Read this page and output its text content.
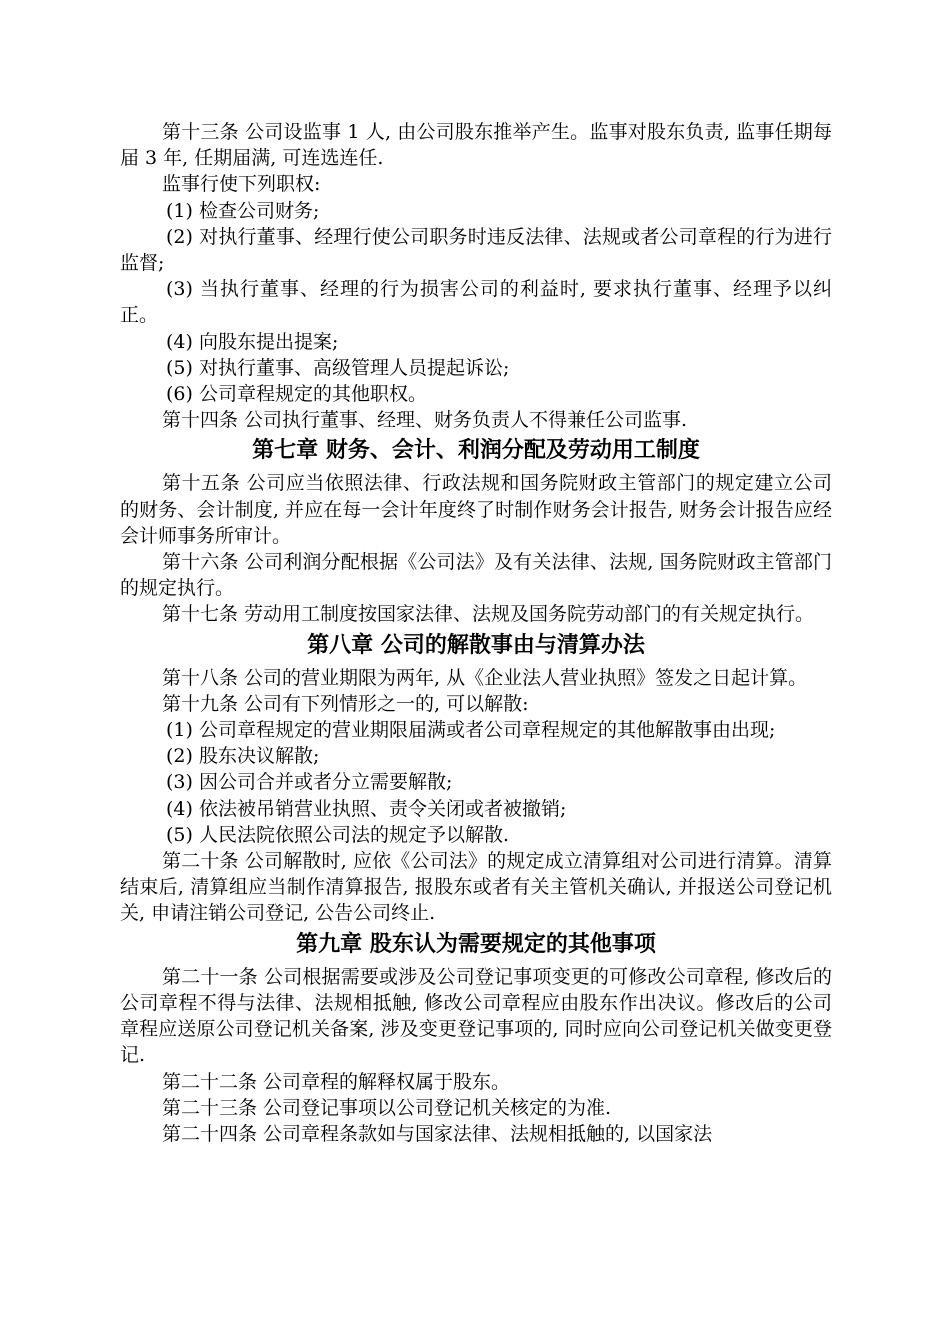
第十三条 公司设监事 1 人, 由公司股东推举产生。监事对股东负责, 监事任期每届 3 年, 任期届满, 可连选连任.

监事行使下列职权:

(1) 检查公司财务;

(2) 对执行董事、经理行使公司职务时违反法律、法规或者公司章程的行为进行监督;

(3) 当执行董事、经理的行为损害公司的利益时, 要求执行董事、经理予以纠正。

(4) 向股东提出提案;

(5) 对执行董事、高级管理人员提起诉讼;

(6) 公司章程规定的其他职权。

第十四条 公司执行董事、经理、财务负责人不得兼任公司监事.

第七章 财务、会计、利润分配及劳动用工制度

第十五条 公司应当依照法律、行政法规和国务院财政主管部门的规定建立公司的财务、会计制度, 并应在每一会计年度终了时制作财务会计报告, 财务会计报告应经会计师事务所审计。

第十六条 公司利润分配根据《公司法》及有关法律、法规, 国务院财政主管部门的规定执行。

第十七条 劳动用工制度按国家法律、法规及国务院劳动部门的有关规定执行。

第八章 公司的解散事由与清算办法

第十八条 公司的营业期限为两年, 从《企业法人营业执照》签发之日起计算。

第十九条 公司有下列情形之一的, 可以解散:

(1) 公司章程规定的营业期限届满或者公司章程规定的其他解散事由出现;

(2) 股东决议解散;

(3) 因公司合并或者分立需要解散;

(4) 依法被吊销营业执照、责令关闭或者被撤销;

(5) 人民法院依照公司法的规定予以解散.

第二十条 公司解散时, 应依《公司法》的规定成立清算组对公司进行清算。清算结束后, 清算组应当制作清算报告, 报股东或者有关主管机关确认, 并报送公司登记机关, 申请注销公司登记, 公告公司终止.

第九章 股东认为需要规定的其他事项

第二十一条 公司根据需要或涉及公司登记事项变更的可修改公司章程, 修改后的公司章程不得与法律、法规相抵触, 修改公司章程应由股东作出决议。修改后的公司章程应送原公司登记机关备案, 涉及变更登记事项的, 同时应向公司登记机关做变更登记.

第二十二条 公司章程的解释权属于股东。

第二十三条 公司登记事项以公司登记机关核定的为准.

第二十四条 公司章程条款如与国家法律、法规相抵触的, 以国家法
